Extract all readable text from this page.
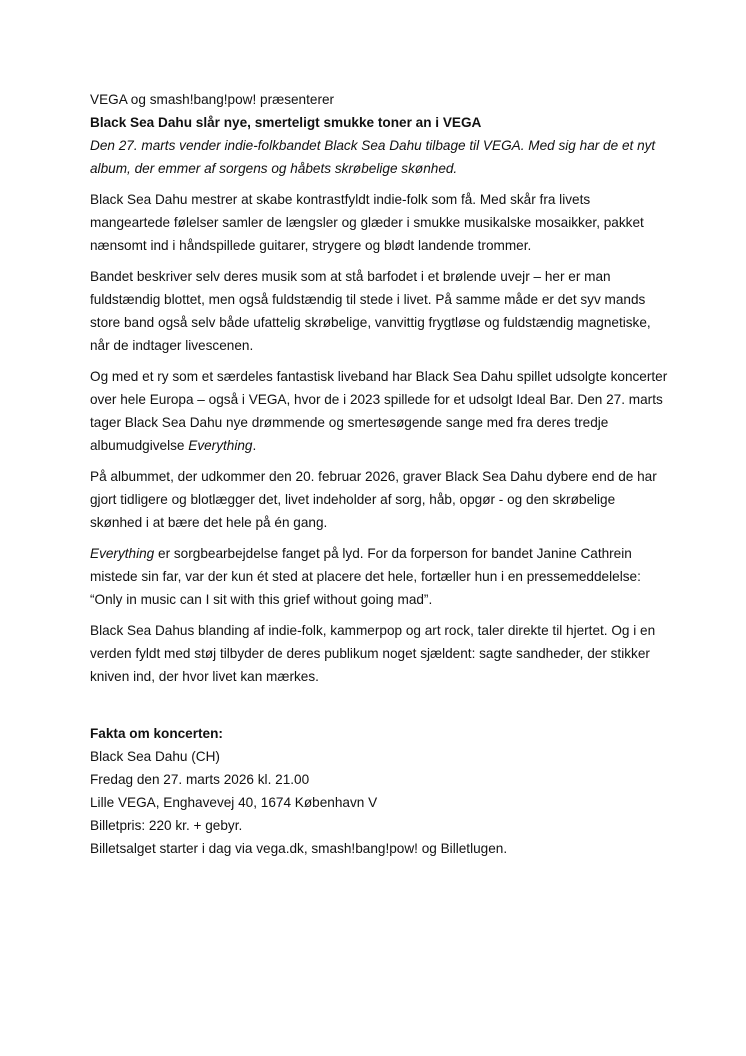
VEGA og smash!bang!pow! præsenterer

Black Sea Dahu slår nye, smerteligt smukke toner an i VEGA

Den 27. marts vender indie-folkbandet Black Sea Dahu tilbage til VEGA. Med sig har de et nyt album, der emmer af sorgens og håbets skrøbelige skønhed.

Black Sea Dahu mestrer at skabe kontrastfyldt indie-folk som få. Med skår fra livets mangeartede følelser samler de længsler og glæder i smukke musikalske mosaikker, pakket nænsomt ind i håndspillede guitarer, strygere og blødt landende trommer.

Bandet beskriver selv deres musik som at stå barfodet i et brølende uvejr – her er man fuldstændig blottet, men også fuldstændig til stede i livet. På samme måde er det syv mands store band også selv både ufattelig skrøbelige, vanvittig frygtløse og fuldstændig magnetiske, når de indtager livescenen.

Og med et ry som et særdeles fantastisk liveband har Black Sea Dahu spillet udsolgte koncerter over hele Europa – også i VEGA, hvor de i 2023 spillede for et udsolgt Ideal Bar. Den 27. marts tager Black Sea Dahu nye drømmende og smertesøgende sange med fra deres tredje albumudgivelse Everything.

På albummet, der udkommer den 20. februar 2026, graver Black Sea Dahu dybere end de har gjort tidligere og blotlægger det, livet indeholder af sorg, håb, opgør - og den skrøbelige skønhed i at bære det hele på én gang.

Everything er sorgbearbejdelse fanget på lyd. For da forperson for bandet Janine Cathrein mistede sin far, var der kun ét sted at placere det hele, fortæller hun i en pressemeddelelse: “Only in music can I sit with this grief without going mad”.

Black Sea Dahus blanding af indie-folk, kammerpop og art rock, taler direkte til hjertet. Og i en verden fyldt med støj tilbyder de deres publikum noget sjældent: sagte sandheder, der stikker kniven ind, der hvor livet kan mærkes.

Fakta om koncerten:

Black Sea Dahu (CH)

Fredag den 27. marts 2026 kl. 21.00

Lille VEGA, Enghavevej 40, 1674 København V

Billetpris: 220 kr. + gebyr.

Billetsalget starter i dag via vega.dk, smash!bang!pow! og Billetlugen.
